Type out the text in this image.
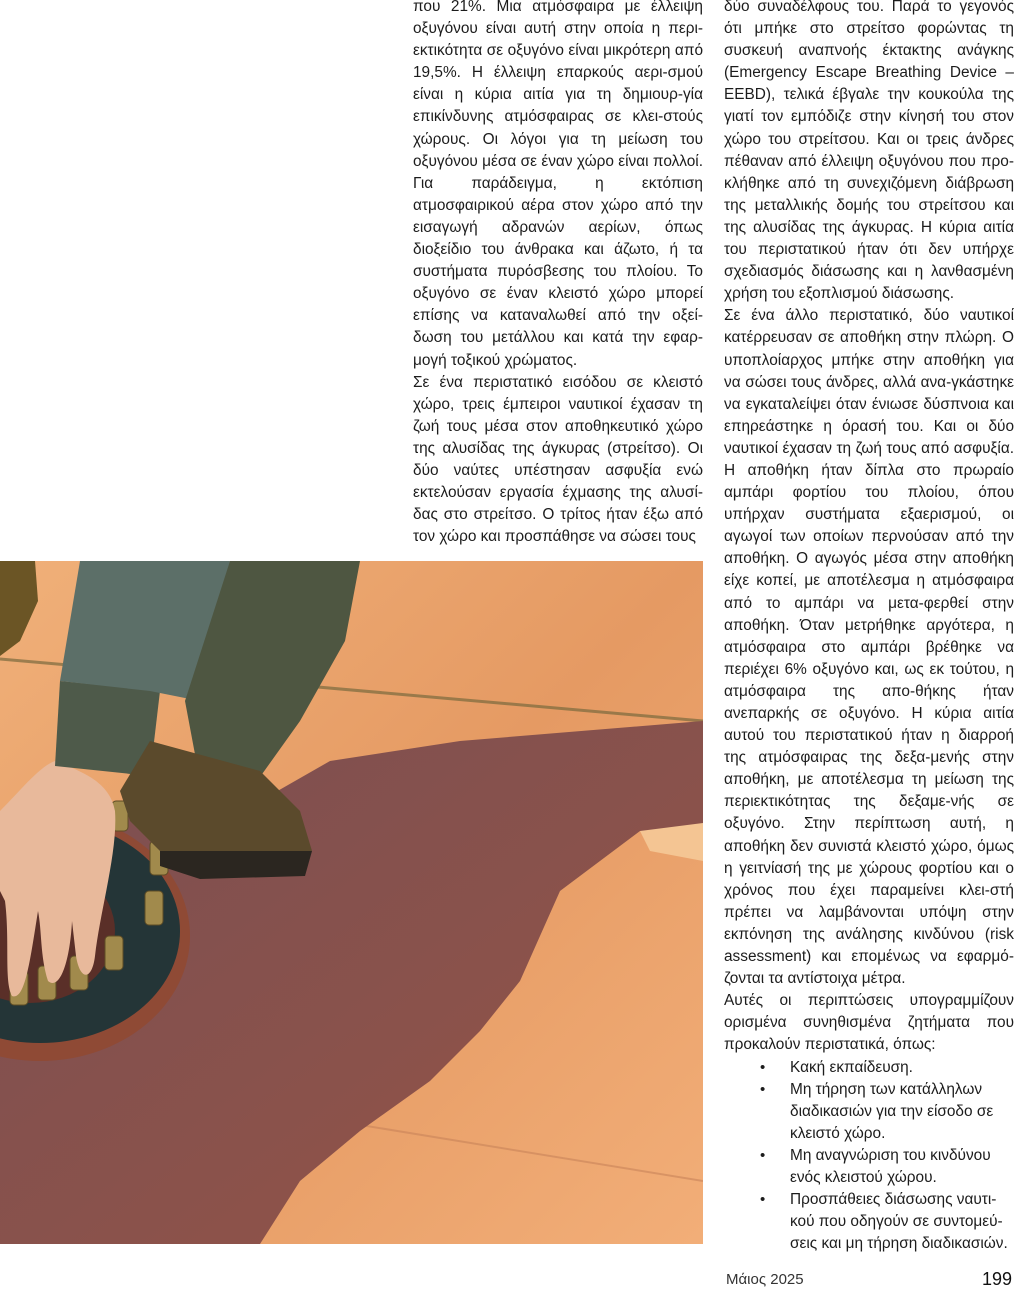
που 21%. Μια ατμόσφαιρα με έλλειψη οξυγόνου είναι αυτή στην οποία η περι-εκτικότητα σε οξυγόνο είναι μικρότερη από 19,5%. Η έλλειψη επαρκούς αερι-σμού είναι η κύρια αιτία για τη δημιουρ-γία επικίνδυνης ατμόσφαιρας σε κλει-στούς χώρους. Οι λόγοι για τη μείωση του οξυγόνου μέσα σε έναν χώρο είναι πολλοί. Για παράδειγμα, η εκτόπιση ατμοσφαιρικού αέρα στον χώρο από την εισαγωγή αδρανών αερίων, όπως διοξείδιο του άνθρακα και άζωτο, ή τα συστήματα πυρόσβεσης του πλοίου. Το οξυγόνο σε έναν κλειστό χώρο μπορεί επίσης να καταναλωθεί από την οξεί-δωση του μετάλλου και κατά την εφαρ-μογή τοξικού χρώματος.

Σε ένα περιστατικό εισόδου σε κλειστό χώρο, τρεις έμπειροι ναυτικοί έχασαν τη ζωή τους μέσα στον αποθηκευτικό χώρο της αλυσίδας της άγκυρας (στρείτσο). Οι δύο ναύτες υπέστησαν ασφυξία ενώ εκτελούσαν εργασία έχμασης της αλυσί-δας στο στρείτσο. Ο τρίτος ήταν έξω από τον χώρο και προσπάθησε να σώσει τους

δύο συναδέλφους του. Παρά το γεγονός ότι μπήκε στο στρείτσο φορώντας τη συσκευή αναπνοής έκτακτης ανάγκης (Emergency Escape Breathing Device – EEBD), τελικά έβγαλε την κουκούλα της γιατί τον εμπόδιζε στην κίνησή του στον χώρο του στρείτσου. Και οι τρεις άνδρες πέθαναν από έλλειψη οξυγόνου που προ-κλήθηκε από τη συνεχιζόμενη διάβρωση της μεταλλικής δομής του στρείτσου και της αλυσίδας της άγκυρας. Η κύρια αιτία του περιστατικού ήταν ότι δεν υπήρχε σχεδιασμός διάσωσης και η λανθασμένη χρήση του εξοπλισμού διάσωσης.

Σε ένα άλλο περιστατικό, δύο ναυτικοί κατέρρευσαν σε αποθήκη στην πλώρη. Ο υποπλοίαρχος μπήκε στην αποθήκη για να σώσει τους άνδρες, αλλά ανα-γκάστηκε να εγκαταλείψει όταν ένιωσε δύσπνοια και επηρεάστηκε η όρασή του. Και οι δύο ναυτικοί έχασαν τη ζωή τους από ασφυξία. Η αποθήκη ήταν δίπλα στο πρωραίο αμπάρι φορτίου του πλοίου, όπου υπήρχαν συστήματα εξαερισμού, οι αγωγοί των οποίων περνούσαν από την αποθήκη. Ο αγωγός μέσα στην αποθήκη είχε κοπεί, με αποτέλεσμα η ατμόσφαιρα από το αμπάρι να μετα-φερθεί στην αποθήκη. Όταν μετρήθηκε αργότερα, η ατμόσφαιρα στο αμπάρι βρέθηκε να περιέχει 6% οξυγόνο και, ως εκ τούτου, η ατμόσφαιρα της απο-θήκης ήταν ανεπαρκής σε οξυγόνο. Η κύρια αιτία αυτού του περιστατικού ήταν η διαρροή της ατμόσφαιρας της δεξα-μενής στην αποθήκη, με αποτέλεσμα τη μείωση της περιεκτικότητας της δεξαμε-νής σε οξυγόνο. Στην περίπτωση αυτή, η αποθήκη δεν συνιστά κλειστό χώρο, όμως η γειτνίασή της με χώρους φορτίου και ο χρόνος που έχει παραμείνει κλει-στή πρέπει να λαμβάνονται υπόψη στην εκπόνηση της ανάλησης κινδύνου (risk assessment) και επομένως να εφαρμό-ζονται τα αντίστοιχα μέτρα.

Αυτές οι περιπτώσεις υπογραμμίζουν ορισμένα συνηθισμένα ζητήματα που προκαλούν περιστατικά, όπως:

• Κακή εκπαίδευση.
• Μη τήρηση των κατάλληλων διαδικασιών για την είσοδο σε κλειστό χώρο.
• Μη αναγνώριση του κινδύνου ενός κλειστού χώρου.
• Προσπάθειες διάσωσης ναυτι-κού που οδηγούν σε συντομεύ-σεις και μη τήρηση διαδικασιών.
Μάιος 2025	199
